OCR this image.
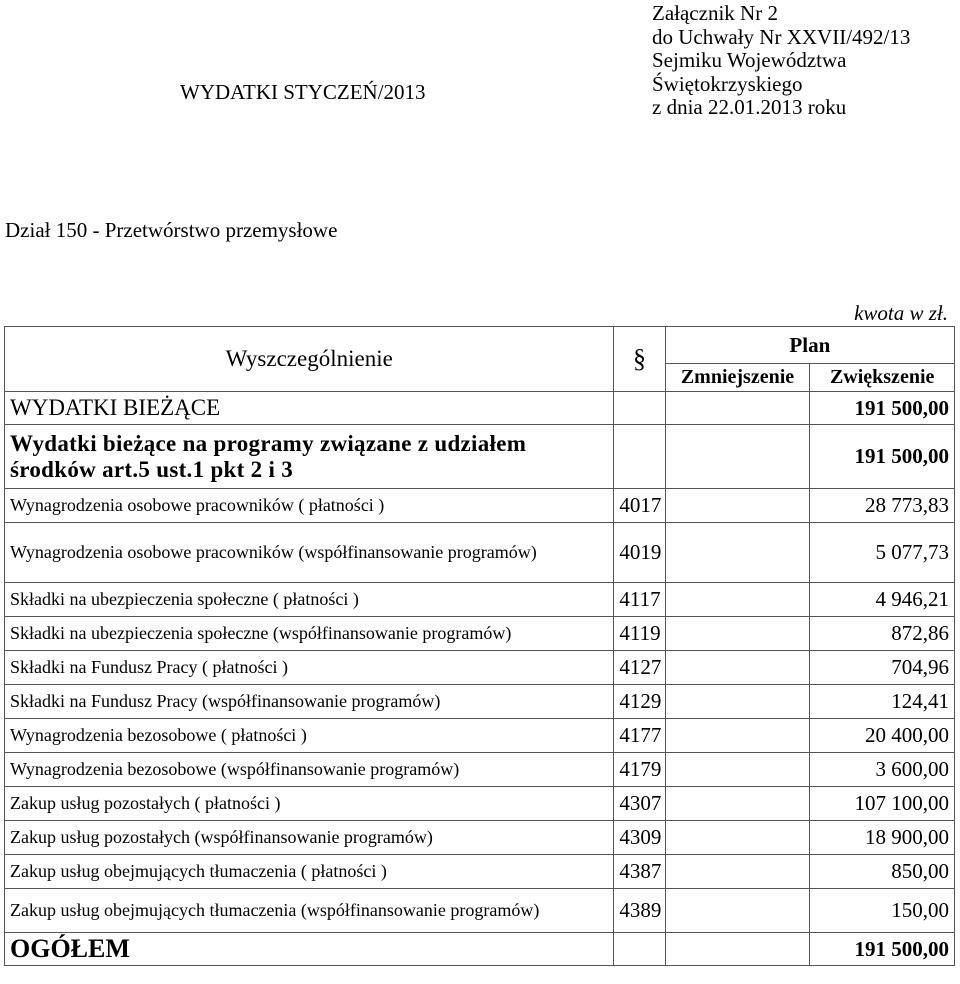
WYDATKI STYCZEŃ/2013
Załącznik Nr 2
do Uchwały Nr XXVII/492/13
Sejmiku Województwa
Świętokrzyskiego
z dnia 22.01.2013 roku
Dział 150 - Przetwórstwo przemysłowe
kwota w zł.
Wyszczególnienie	§	Plan	
		Zmniejszenie	Zwiększenie
WYDATKI BIEŻĄCE			191 500,00
Wydatki bieżące na programy związane z udziałem środków art.5 ust.1 pkt 2 i 3			191 500,00
Wynagrodzenia osobowe pracowników ( płatności )	4017		28 773,83
Wynagrodzenia osobowe pracowników (współfinansowanie programów)	4019		5 077,73
Składki na ubezpieczenia społeczne ( płatności )	4117		4 946,21
Składki na ubezpieczenia społeczne (współfinansowanie programów)	4119		872,86
Składki na Fundusz Pracy ( płatności )	4127		704,96
Składki na Fundusz Pracy (współfinansowanie programów)	4129		124,41
Wynagrodzenia bezosobowe ( płatności )	4177		20 400,00
Wynagrodzenia bezosobowe (współfinansowanie programów)	4179		3 600,00
Zakup usług pozostałych ( płatności )	4307		107 100,00
Zakup usług pozostałych (współfinansowanie programów)	4309		18 900,00
Zakup usług obejmujących tłumaczenia ( płatności )	4387		850,00
Zakup usług obejmujących tłumaczenia (współfinansowanie programów)	4389		150,00
OGÓŁEM			191 500,00
